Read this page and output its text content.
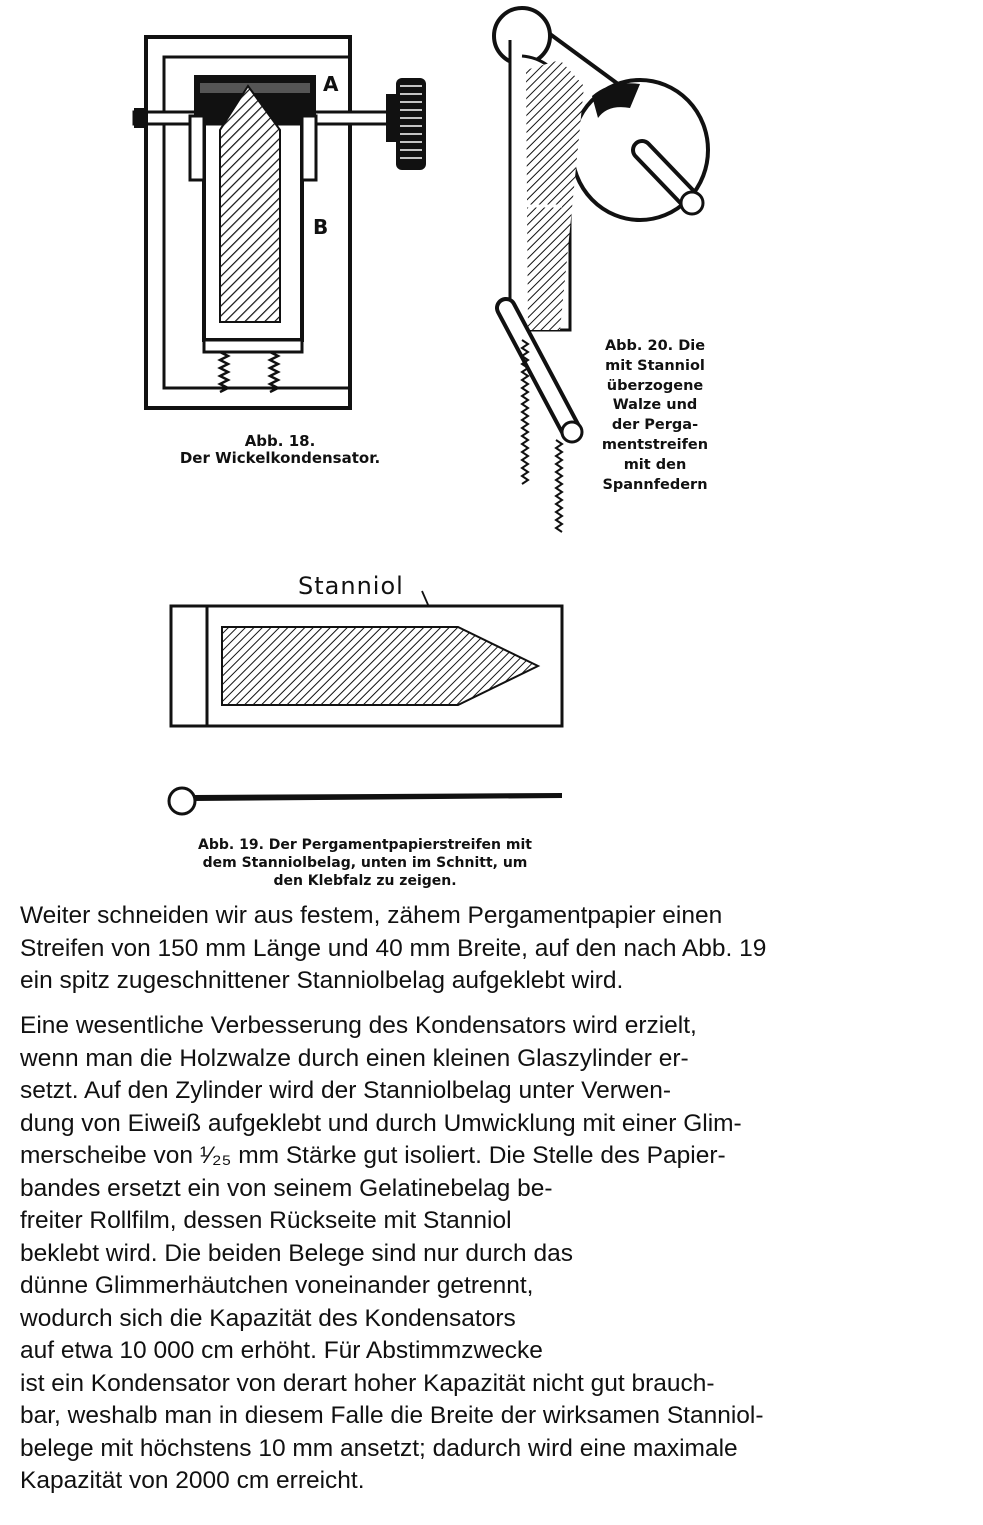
A
B
Abb. 18.
Der Wickelkondensator.
Abb. 20. Die
mit Stanniol
überzogene
Walze und
der Perga-
mentstreifen
mit den
Spannfedern
Stanniol
Abb. 19. Der Pergamentpapierstreifen mit
dem Stanniolbelag, unten im Schnitt, um
den Klebfalz zu zeigen.
Weiter schneiden wir aus festem, zähem Pergamentpapier einen
Streifen von 150 mm Länge und 40 mm Breite, auf den nach Abb. 19
ein spitz zugeschnittener Stanniolbelag aufgeklebt wird.
Eine wesentliche Verbesserung des Kondensators wird erzielt,
wenn man die Holzwalze durch einen kleinen Glaszylinder er-
setzt. Auf den Zylinder wird der Stanniolbelag unter Verwen-
dung von Eiweiß aufgeklebt und durch Umwicklung mit einer Glim-
merscheibe von ¹⁄₂₅ mm Stärke gut isoliert. Die Stelle des Papier-
bandes ersetzt ein von seinem Gelatinebelag be-
freiter Rollfilm, dessen Rückseite mit Stanniol
beklebt wird. Die beiden Belege sind nur durch das
dünne Glimmerhäutchen voneinander getrennt,
wodurch sich die Kapazität des Kondensators
auf etwa 10 000 cm erhöht. Für Abstimmzwecke
ist ein Kondensator von derart hoher Kapazität nicht gut brauch-
bar, weshalb man in diesem Falle die Breite der wirksamen Stanniol-
belege mit höchstens 10 mm ansetzt; dadurch wird eine maximale
Kapazität von 2000 cm erreicht.
